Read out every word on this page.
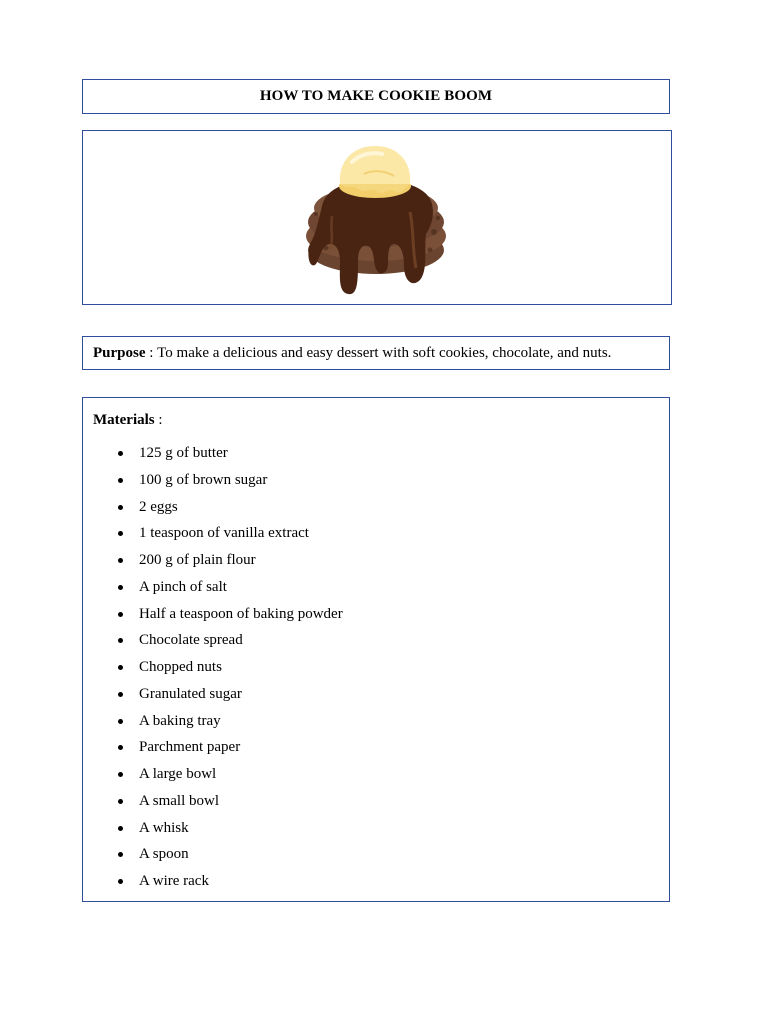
HOW TO MAKE COOKIE BOOM
Purpose : To make a delicious and easy dessert with soft cookies, chocolate, and nuts.
Materials :
125 g of butter
100 g of brown sugar
2 eggs
1 teaspoon of vanilla extract
200 g of plain flour
A pinch of salt
Half a teaspoon of baking powder
Chocolate spread
Chopped nuts
Granulated sugar
A baking tray
Parchment paper
A large bowl
A small bowl
A whisk
A spoon
A wire rack
